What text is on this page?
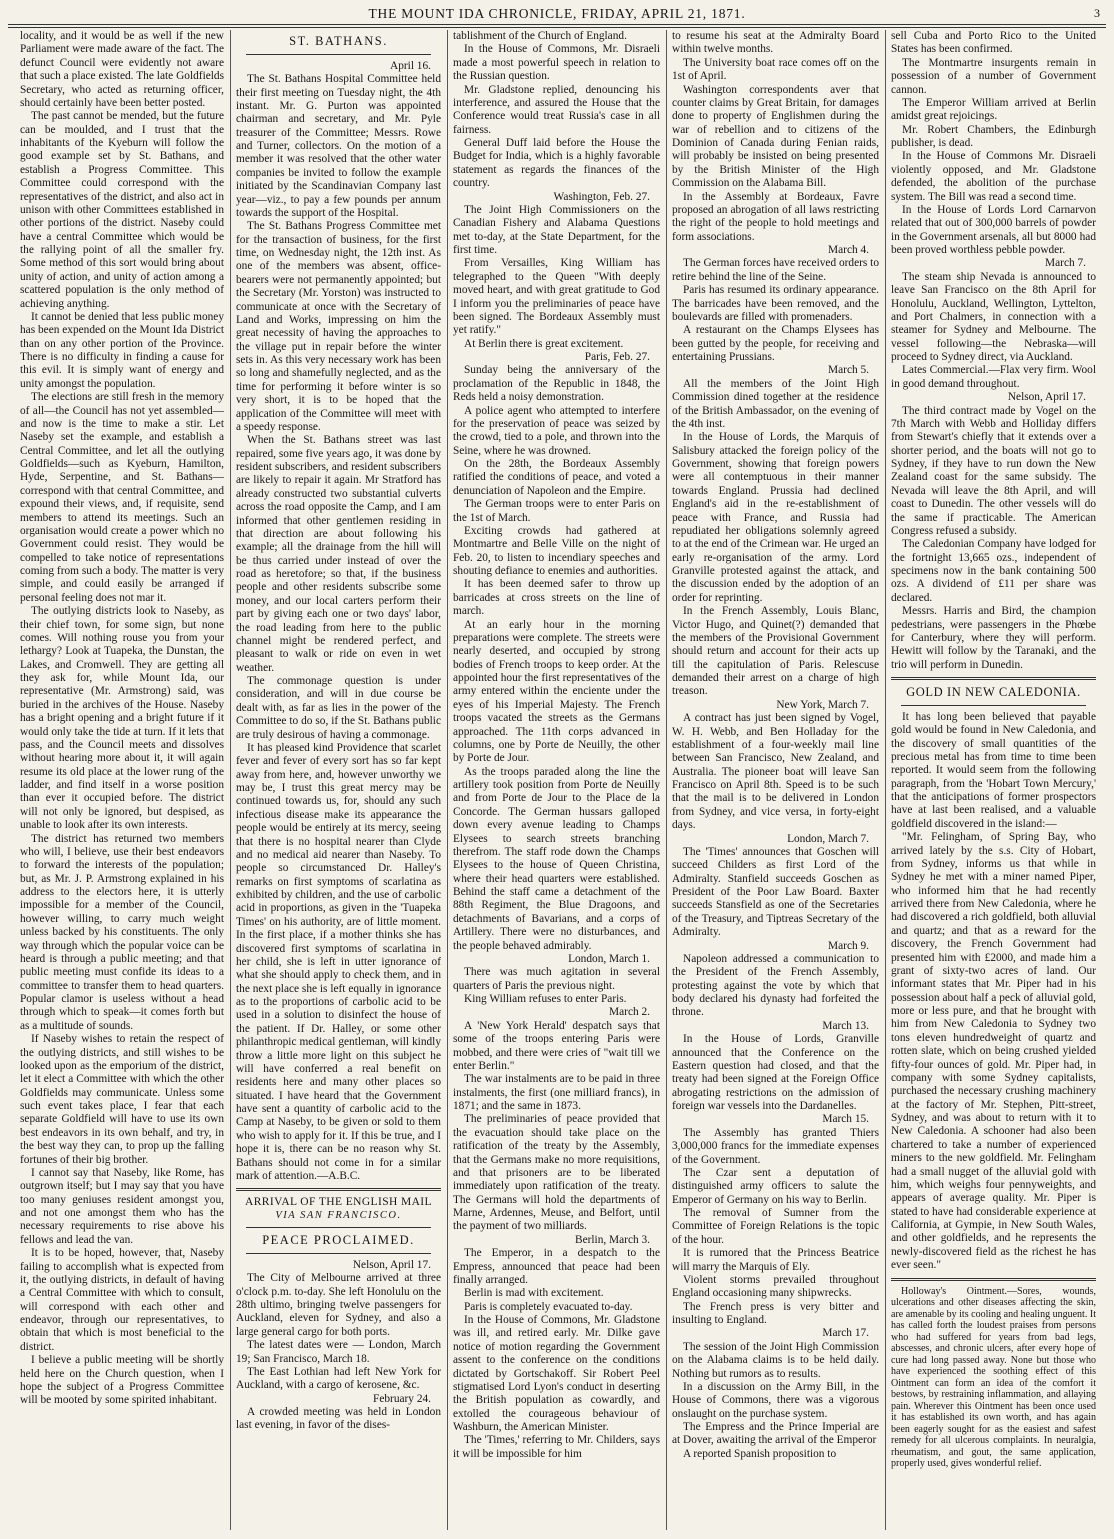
THE MOUNT IDA CHRONICLE, FRIDAY, APRIL 21, 1871.	3

locality, and it would be as well if the new Parliament were made aware of the fact. The defunct Council were evidently not aware that such a place existed. The late Goldfields Secretary, who acted as returning officer, should certainly have been better posted.

The past cannot be mended, but the future can be moulded, and I trust that the inhabitants of the Kyeburn will follow the good example set by St. Bathans, and establish a Progress Committee. This Committee could correspond with the representatives of the district, and also act in unison with other Committees established in other portions of the district. Naseby could have a central Committee which would be the rallying point of all the smaller fry. Some method of this sort would bring about unity of action, and unity of action among a scattered population is the only method of achieving anything.

It cannot be denied that less public money has been expended on the Mount Ida District than on any other portion of the Province. There is no difficulty in finding a cause for this evil. It is simply want of energy and unity amongst the population.

The elections are still fresh in the memory of all—the Council has not yet assembled—and now is the time to make a stir. Let Naseby set the example, and establish a Central Committee, and let all the outlying Goldfields—such as Kyeburn, Hamilton, Hyde, Serpentine, and St. Bathans—correspond with that central Committee, and expound their views, and, if requisite, send members to attend its meetings. Such an organisation would create a power which no Government could resist. They would be compelled to take notice of representations coming from such a body. The matter is very simple, and could easily be arranged if personal feeling does not mar it.

The outlying districts look to Naseby, as their chief town, for some sign, but none comes. Will nothing rouse you from your lethargy? Look at Tuapeka, the Dunstan, the Lakes, and Cromwell. They are getting all they ask for, while Mount Ida, our representative (Mr. Armstrong) said, was buried in the archives of the House. Naseby has a bright opening and a bright future if it would only take the tide at turn. If it lets that pass, and the Council meets and dissolves without hearing more about it, it will again resume its old place at the lower rung of the ladder, and find itself in a worse position than ever it occupied before. The district will not only be ignored, but despised, as unable to look after its own interests.

The district has returned two members who will, I believe, use their best endeavors to forward the interests of the population; but, as Mr. J. P. Armstrong explained in his address to the electors here, it is utterly impossible for a member of the Council, however willing, to carry much weight unless backed by his constituents. The only way through which the popular voice can be heard is through a public meeting; and that public meeting must confide its ideas to a committee to transfer them to head quarters. Popular clamor is useless without a head through which to speak—it comes forth but as a multitude of sounds.

If Naseby wishes to retain the respect of the outlying districts, and still wishes to be looked upon as the emporium of the district, let it elect a Committee with which the other Goldfields may communicate. Unless some such event takes place, I fear that each separate Goldfield will have to use its own best endeavors in its own behalf, and try, in the best way they can, to prop up the falling fortunes of their big brother.

I cannot say that Naseby, like Rome, has outgrown itself; but I may say that you have too many geniuses resident amongst you, and not one amongst them who has the necessary requirements to rise above his fellows and lead the van.

It is to be hoped, however, that, Naseby failing to accomplish what is expected from it, the outlying districts, in default of having a Central Committee with which to consult, will correspond with each other and endeavor, through our representatives, to obtain that which is most beneficial to the district.

I believe a public meeting will be shortly held here on the Church question, when I hope the subject of a Progress Committee will be mooted by some spirited inhabitant.

ST. BATHANS.

April 16.

The St. Bathans Hospital Committee held their first meeting on Tuesday night, the 4th instant. Mr. G. Purton was appointed chairman and secretary, and Mr. Pyle treasurer of the Committee; Messrs. Rowe and Turner, collectors. On the motion of a member it was resolved that the other water companies be invited to follow the example initiated by the Scandinavian Company last year—viz., to pay a few pounds per annum towards the support of the Hospital.

The St. Bathans Progress Committee met for the transaction of business, for the first time, on Wednesday night, the 12th inst. As one of the members was absent, office-bearers were not permanently appointed; but the Secretary (Mr. Yorston) was instructed to communicate at once with the Secretary of Land and Works, impressing on him the great necessity of having the approaches to the village put in repair before the winter sets in. As this very necessary work has been so long and shamefully neglected, and as the time for performing it before winter is so very short, it is to be hoped that the application of the Committee will meet with a speedy response.

When the St. Bathans street was last repaired, some five years ago, it was done by resident subscribers, and resident subscribers are likely to repair it again. Mr Stratford has already constructed two substantial culverts across the road opposite the Camp, and I am informed that other gentlemen residing in that direction are about following his example; all the drainage from the hill will be thus carried under instead of over the road as heretofore; so that, if the business people and other residents subscribe some money, and our local carters perform their part by giving each one or two days' labor, the road leading from here to the public channel might be rendered perfect, and pleasant to walk or ride on even in wet weather.

The commonage question is under consideration, and will in due course be dealt with, as far as lies in the power of the Committee to do so, if the St. Bathans public are truly desirous of having a commonage.

It has pleased kind Providence that scarlet fever and fever of every sort has so far kept away from here, and, however unworthy we may be, I trust this great mercy may be continued towards us, for, should any such infectious disease make its appearance the people would be entirely at its mercy, seeing that there is no hospital nearer than Clyde and no medical aid nearer than Naseby. To people so circumstanced Dr. Halley's remarks on first symptoms of scarlatina as exhibited by children, and the use of carbolic acid in proportions, as given in the 'Tuapeka Times' on his authority, are of little moment. In the first place, if a mother thinks she has discovered first symptoms of scarlatina in her child, she is left in utter ignorance of what she should apply to check them, and in the next place she is left equally in ignorance as to the proportions of carbolic acid to be used in a solution to disinfect the house of the patient. If Dr. Halley, or some other philanthropic medical gentleman, will kindly throw a little more light on this subject he will have conferred a real benefit on residents here and many other places so situated. I have heard that the Government have sent a quantity of carbolic acid to the Camp at Naseby, to be given or sold to them who wish to apply for it. If this be true, and I hope it is, there can be no reason why St. Bathans should not come in for a similar mark of attention.—A.B.C.

ARRIVAL OF THE ENGLISH MAIL

VIA SAN FRANCISCO.

PEACE PROCLAIMED.

Nelson, April 17.

The City of Melbourne arrived at three o'clock p.m. to-day. She left Honolulu on the 28th ultimo, bringing twelve passengers for Auckland, eleven for Sydney, and also a large general cargo for both ports.

The latest dates were — London, March 19; San Francisco, March 18.

The East Lothian had left New York for Auckland, with a cargo of kerosene, &c.

February 24.

A crowded meeting was held in London last evening, in favor of the dises-

tablishment of the Church of England.

In the House of Commons, Mr. Disraeli made a most powerful speech in relation to the Russian question.

Mr. Gladstone replied, denouncing his interference, and assured the House that the Conference would treat Russia's case in all fairness.

General Duff laid before the House the Budget for India, which is a highly favorable statement as regards the finances of the country.

Washington, Feb. 27.

The Joint High Commissioners on the Canadian Fishery and Alabama Questions met to-day, at the State Department, for the first time.

From Versailles, King William has telegraphed to the Queen "With deeply moved heart, and with great gratitude to God I inform you the preliminaries of peace have been signed. The Bordeaux Assembly must yet ratify."

At Berlin there is great excitement.

Paris, Feb. 27.

Sunday being the anniversary of the proclamation of the Republic in 1848, the Reds held a noisy demonstration.

A police agent who attempted to interfere for the preservation of peace was seized by the crowd, tied to a pole, and thrown into the Seine, where he was drowned.

On the 28th, the Bordeaux Assembly ratified the conditions of peace, and voted a denunciation of Napoleon and the Empire.

The German troops were to enter Paris on the 1st of March.

Exciting crowds had gathered at Montmartre and Belle Ville on the night of Feb. 20, to listen to incendiary speeches and shouting defiance to enemies and authorities.

It has been deemed safer to throw up barricades at cross streets on the line of march.

At an early hour in the morning preparations were complete. The streets were nearly deserted, and occupied by strong bodies of French troops to keep order. At the appointed hour the first representatives of the army entered within the enciente under the eyes of his Imperial Majesty. The French troops vacated the streets as the Germans approached. The 11th corps advanced in columns, one by Porte de Neuilly, the other by Porte de Jour.

As the troops paraded along the line the artillery took position from Porte de Neuilly and from Porte de Jour to the Place de la Concorde. The German hussars galloped down every avenue leading to Champs Elysees to search streets branching therefrom. The staff rode down the Champs Elysees to the house of Queen Christina, where their head quarters were established. Behind the staff came a detachment of the 88th Regiment, the Blue Dragoons, and detachments of Bavarians, and a corps of Artillery. There were no disturbances, and the people behaved admirably.

London, March 1.

There was much agitation in several quarters of Paris the previous night.

King William refuses to enter Paris.

March 2.

A 'New York Herald' despatch says that some of the troops entering Paris were mobbed, and there were cries of "wait till we enter Berlin."

The war instalments are to be paid in three instalments, the first (one milliard francs), in 1871; and the same in 1873.

The preliminaries of peace provided that the evacuation should take place on the ratification of the treaty by the Assembly, that the Germans make no more requisitions, and that prisoners are to be liberated immediately upon ratification of the treaty. The Germans will hold the departments of Marne, Ardennes, Meuse, and Belfort, until the payment of two milliards.

Berlin, March 3.

The Emperor, in a despatch to the Empress, announced that peace had been finally arranged.

Berlin is mad with excitement.

Paris is completely evacuated to-day.

In the House of Commons, Mr. Gladstone was ill, and retired early. Mr. Dilke gave notice of motion regarding the Government assent to the conference on the conditions dictated by Gortschakoff. Sir Robert Peel stigmatised Lord Lyon's conduct in deserting the British population as cowardly, and extolled the courageous behaviour of Washburn, the American Minister.

The 'Times,' referring to Mr. Childers, says it will be impossible for him

to resume his seat at the Admiralty Board within twelve months.

The University boat race comes off on the 1st of April.

Washington correspondents aver that counter claims by Great Britain, for damages done to property of Englishmen during the war of rebellion and to citizens of the Dominion of Canada during Fenian raids, will probably be insisted on being presented by the British Minister of the High Commission on the Alabama Bill.

In the Assembly at Bordeaux, Favre proposed an abrogation of all laws restricting the right of the people to hold meetings and form associations.

March 4.

The German forces have received orders to retire behind the line of the Seine.

Paris has resumed its ordinary appearance. The barricades have been removed, and the boulevards are filled with promenaders.

A restaurant on the Champs Elysees has been gutted by the people, for receiving and entertaining Prussians.

March 5.

All the members of the Joint High Commission dined together at the residence of the British Ambassador, on the evening of the 4th inst.

In the House of Lords, the Marquis of Salisbury attacked the foreign policy of the Government, showing that foreign powers were all contemptuous in their manner towards England. Prussia had declined England's aid in the re-establishment of peace with France, and Russia had repudiated her obligations solemnly agreed to at the end of the Crimean war. He urged an early re-organisation of the army. Lord Granville protested against the attack, and the discussion ended by the adoption of an order for reprinting.

In the French Assembly, Louis Blanc, Victor Hugo, and Quinet(?) demanded that the members of the Provisional Government should return and account for their acts up till the capitulation of Paris. Relescuse demanded their arrest on a charge of high treason.

New York, March 7.

A contract has just been signed by Vogel, W. H. Webb, and Ben Holladay for the establishment of a four-weekly mail line between San Francisco, New Zealand, and Australia. The pioneer boat will leave San Francisco on April 8th. Speed is to be such that the mail is to be delivered in London from Sydney, and vice versa, in forty-eight days.

London, March 7.

The 'Times' announces that Goschen will succeed Childers as first Lord of the Admiralty. Stanfield succeeds Goschen as President of the Poor Law Board. Baxter succeeds Stansfield as one of the Secretaries of the Treasury, and Tiptreas Secretary of the Admiralty.

March 9.

Napoleon addressed a communication to the President of the French Assembly, protesting against the vote by which that body declared his dynasty had forfeited the throne.

March 13.

In the House of Lords, Granville announced that the Conference on the Eastern question had closed, and that the treaty had been signed at the Foreign Office abrogating restrictions on the admission of foreign war vessels into the Dardanelles.

March 15.

The Assembly has granted Thiers 3,000,000 francs for the immediate expenses of the Government.

The Czar sent a deputation of distinguished army officers to salute the Emperor of Germany on his way to Berlin.

The removal of Sumner from the Committee of Foreign Relations is the topic of the hour.

It is rumored that the Princess Beatrice will marry the Marquis of Ely.

Violent storms prevailed throughout England occasioning many shipwrecks.

The French press is very bitter and insulting to England.

March 17.

The session of the Joint High Commission on the Alabama claims is to be held daily. Nothing but rumors as to results.

In a discussion on the Army Bill, in the House of Commons, there was a vigorous onslaught on the purchase system.

The Empress and the Prince Imperial are at Dover, awaiting the arrival of the Emperor

A reported Spanish proposition to

sell Cuba and Porto Rico to the United States has been confirmed.

The Montmartre insurgents remain in possession of a number of Government cannon.

The Emperor William arrived at Berlin amidst great rejoicings.

Mr. Robert Chambers, the Edinburgh publisher, is dead.

In the House of Commons Mr. Disraeli violently opposed, and Mr. Gladstone defended, the abolition of the purchase system. The Bill was read a second time.

In the House of Lords Lord Carnarvon related that out of 300,000 barrels of powder in the Government arsenals, all but 8000 had been proved worthless pebble powder.

March 7.

The steam ship Nevada is announced to leave San Francisco on the 8th April for Honolulu, Auckland, Wellington, Lyttelton, and Port Chalmers, in connection with a steamer for Sydney and Melbourne. The vessel following—the Nebraska—will proceed to Sydney direct, via Auckland.

Lates Commercial.—Flax very firm. Wool in good demand throughout.

Nelson, April 17.

The third contract made by Vogel on the 7th March with Webb and Holliday differs from Stewart's chiefly that it extends over a shorter period, and the boats will not go to Sydney, if they have to run down the New Zealand coast for the same subsidy. The Nevada will leave the 8th April, and will coast to Dunedin. The other vessels will do the same if practicable. The American Congress refused a subsidy.

The Caledonian Company have lodged for the fortnight 13,665 ozs., independent of specimens now in the bank containing 500 ozs. A dividend of £11 per share was declared.

Messrs. Harris and Bird, the champion pedestrians, were passengers in the Phœbe for Canterbury, where they will perform. Hewitt will follow by the Taranaki, and the trio will perform in Dunedin.

GOLD IN NEW CALEDONIA.

It has long been believed that payable gold would be found in New Caledonia, and the discovery of small quantities of the precious metal has from time to time been reported. It would seem from the following paragraph, from the 'Hobart Town Mercury,' that the anticipations of former prospectors have at last been realised, and a valuable goldfield discovered in the island:—

"Mr. Felingham, of Spring Bay, who arrived lately by the s.s. City of Hobart, from Sydney, informs us that while in Sydney he met with a miner named Piper, who informed him that he had recently arrived there from New Caledonia, where he had discovered a rich goldfield, both alluvial and quartz; and that as a reward for the discovery, the French Government had presented him with £2000, and made him a grant of sixty-two acres of land. Our informant states that Mr. Piper had in his possession about half a peck of alluvial gold, more or less pure, and that he brought with him from New Caledonia to Sydney two tons eleven hundredweight of quartz and rotten slate, which on being crushed yielded fifty-four ounces of gold. Mr. Piper had, in company with some Sydney capitalists, purchased the necessary crushing machinery at the factory of Mr. Stephen, Pitt-street, Sydney, and was about to return with it to New Caledonia. A schooner had also been chartered to take a number of experienced miners to the new goldfield. Mr. Felingham had a small nugget of the alluvial gold with him, which weighs four pennyweights, and appears of average quality. Mr. Piper is stated to have had considerable experience at California, at Gympie, in New South Wales, and other goldfields, and he represents the newly-discovered field as the richest he has ever seen."

Holloway's Ointment.—Sores, wounds, ulcerations and other diseases affecting the skin, are amenable by its cooling and healing unguent. It has called forth the loudest praises from persons who had suffered for years from bad legs, abscesses, and chronic ulcers, after every hope of cure had long passed away. None but those who have experienced the soothing effect of this Ointment can form an idea of the comfort it bestows, by restraining inflammation, and allaying pain. Wherever this Ointment has been once used it has established its own worth, and has again been eagerly sought for as the easiest and safest remedy for all ulcerous complaints. In neuralgia, rheumatism, and gout, the same application, properly used, gives wonderful relief.
